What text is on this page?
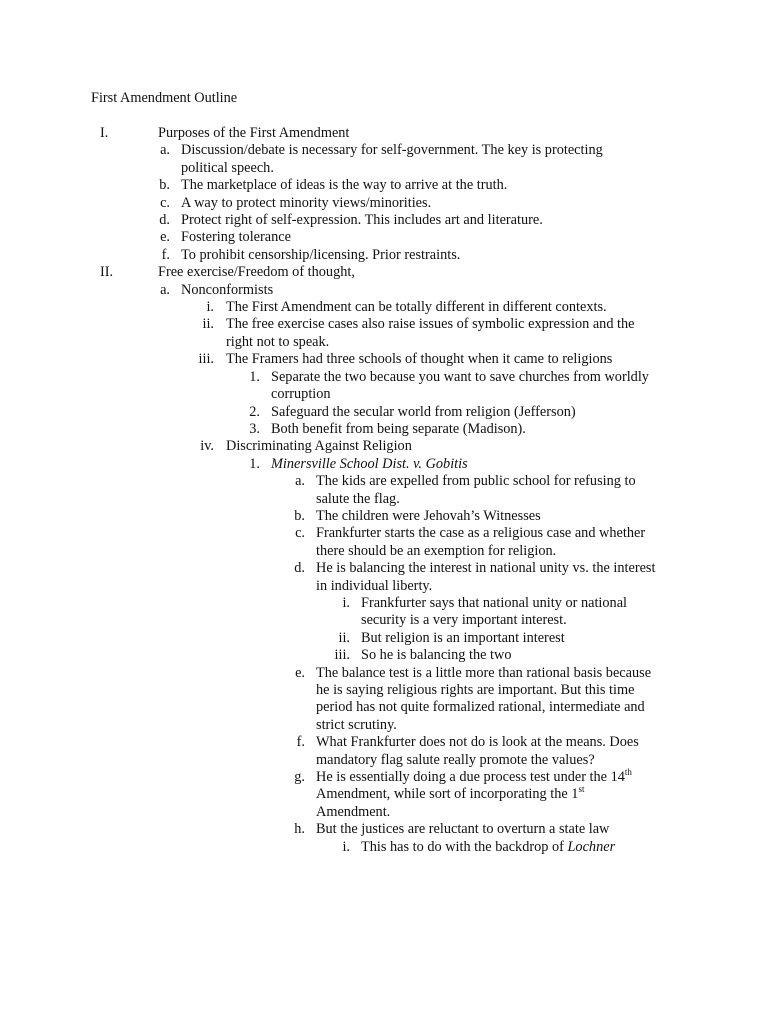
First Amendment Outline
I.	Purposes of the First Amendment
a. Discussion/debate is necessary for self-government. The key is protecting
political speech.
b. The marketplace of ideas is the way to arrive at the truth.
c. A way to protect minority views/minorities.
d. Protect right of self-expression. This includes art and literature.
e. Fostering tolerance
f. To prohibit censorship/licensing. Prior restraints.
II.	Free exercise/Freedom of thought,
a. Nonconformists
i. The First Amendment can be totally different in different contexts.
ii. The free exercise cases also raise issues of symbolic expression and the
right not to speak.
iii. The Framers had three schools of thought when it came to religions
1. Separate the two because you want to save churches from worldly
corruption
2. Safeguard the secular world from religion (Jefferson)
3. Both benefit from being separate (Madison).
iv. Discriminating Against Religion
1. Minersville School Dist. v. Gobitis
a. The kids are expelled from public school for refusing to
salute the flag.
b. The children were Jehovah’s Witnesses
c. Frankfurter starts the case as a religious case and whether
there should be an exemption for religion.
d. He is balancing the interest in national unity vs. the interest
in individual liberty.
i. Frankfurter says that national unity or national
security is a very important interest.
ii. But religion is an important interest
iii. So he is balancing the two
e. The balance test is a little more than rational basis because
he is saying religious rights are important. But this time
period has not quite formalized rational, intermediate and
strict scrutiny.
f. What Frankfurter does not do is look at the means. Does
mandatory flag salute really promote the values?
g. He is essentially doing a due process test under the 14th
Amendment, while sort of incorporating the 1st
Amendment.
h. But the justices are reluctant to overturn a state law
i. This has to do with the backdrop of Lochner
